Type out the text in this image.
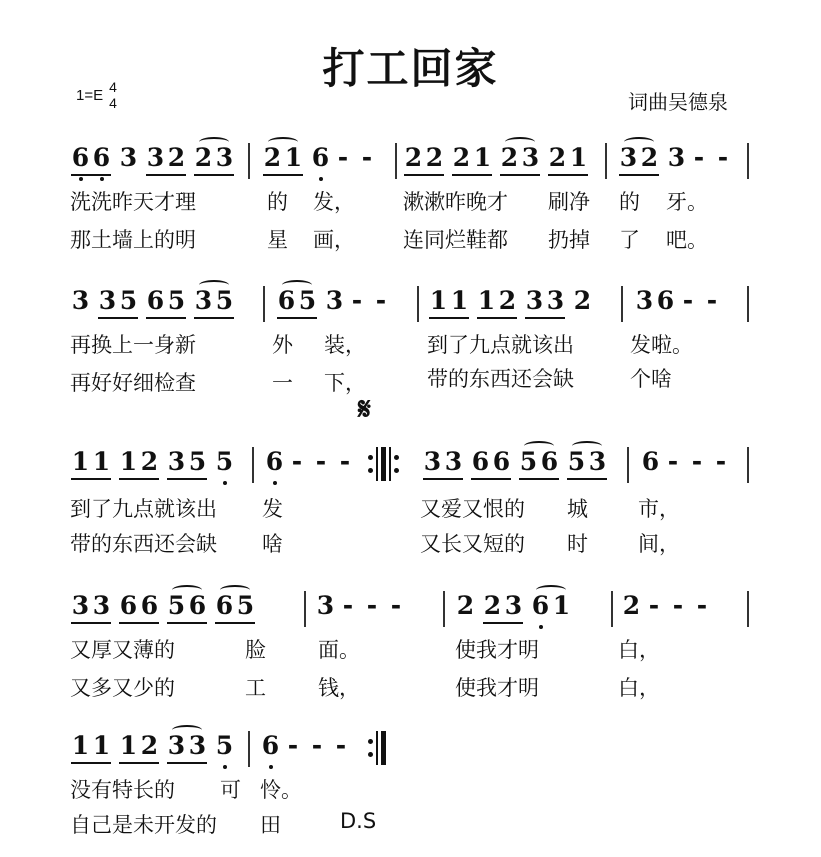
打工回家
1=E 4
4	词曲吴德泉
6 6 3 3 2 2 3 2 1 6 - - 2 2 2 1 2 3 2 1 3 2 3 - -
洗洗昨天才理	的 发， 漱漱昨晚才 刷净 的 牙。
那土墙上的明	星 画， 连同烂鞋都 扔掉 了 吧。
3 3 5 6 5 3 5 6 5 3 - - 1 1 1 2 3 3 2 3 6 - -
再换上一身新	外 装，	到了九点就该出	发啦。
再好好细检查	一 下，	带的东西还会缺	个啥
𝄋
1 1 1 2 3 5 5 6 - - -	3 3 6 6 5 6 5 3 6 - - -
到了九点就该出 发	又爱又恨的 城 市，
带的东西还会缺 啥	又长又短的 时 间，
3 3 6 6 5 6 6 5	3 - - - 2 2 3 6 1 2 - - -
又厚又薄的	脸 面。	使我才明	白，
又多又少的	工 钱，	使我才明	白，
1 1 1 2 3 3 5 6 - - -
没有特长的 可 怜。
自己是未开发的 田	D.S
